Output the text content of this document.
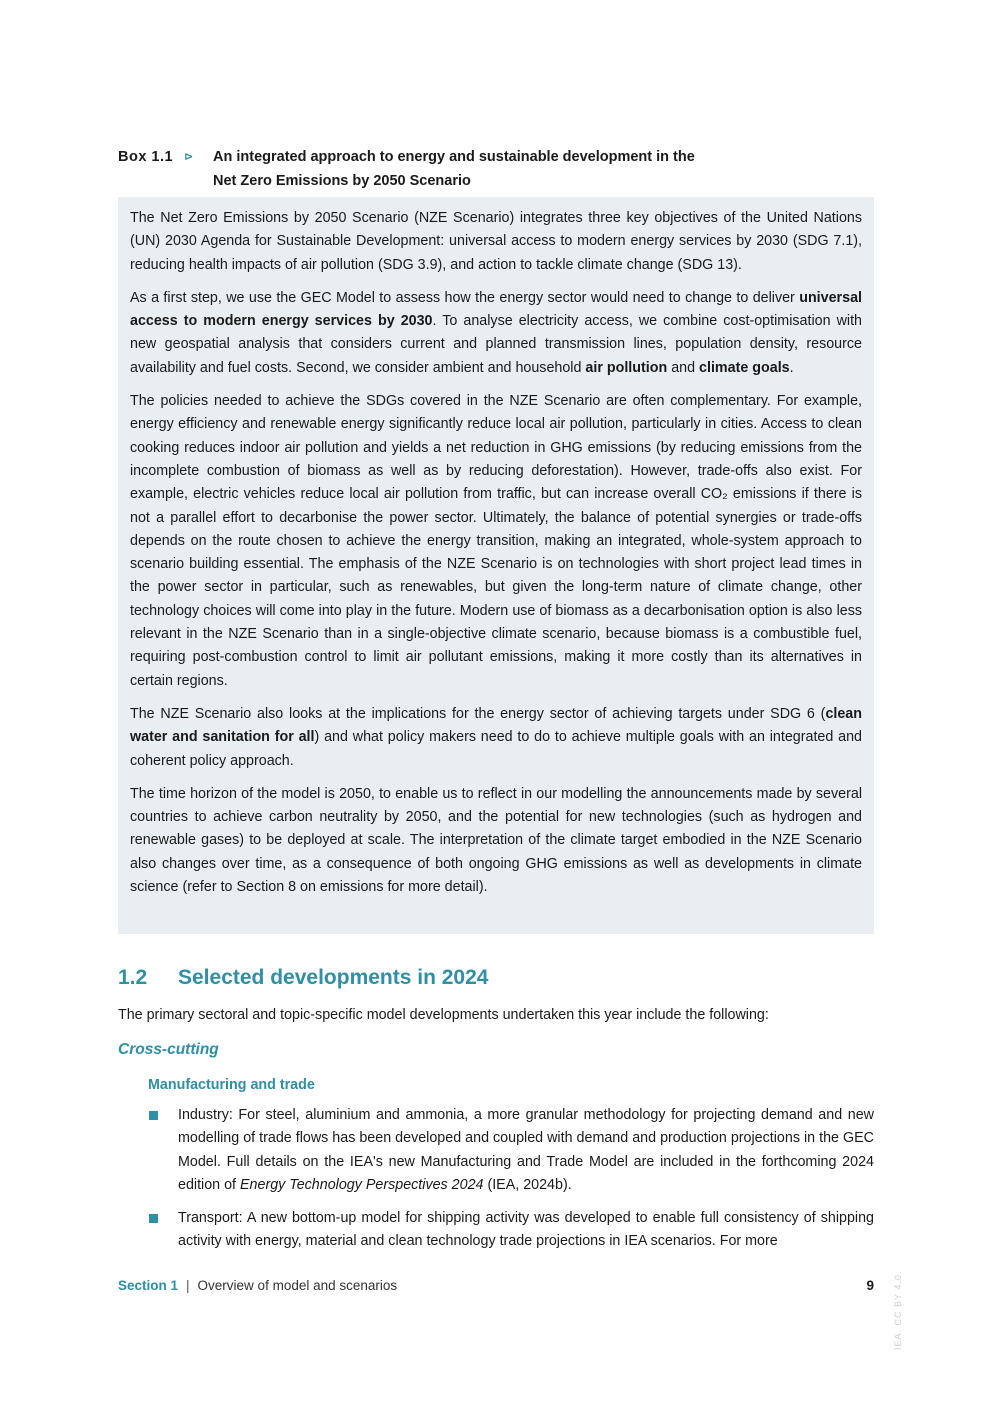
Box 1.1 ⊳ An integrated approach to energy and sustainable development in the
Net Zero Emissions by 2050 Scenario

The Net Zero Emissions by 2050 Scenario (NZE Scenario) integrates three key objectives of the United Nations (UN) 2030 Agenda for Sustainable Development: universal access to modern energy services by 2030 (SDG 7.1), reducing health impacts of air pollution (SDG 3.9), and action to tackle climate change (SDG 13).

As a first step, we use the GEC Model to assess how the energy sector would need to change to deliver universal access to modern energy services by 2030. To analyse electricity access, we combine cost-optimisation with new geospatial analysis that considers current and planned transmission lines, population density, resource availability and fuel costs. Second, we consider ambient and household air pollution and climate goals.

The policies needed to achieve the SDGs covered in the NZE Scenario are often complementary. For example, energy efficiency and renewable energy significantly reduce local air pollution, particularly in cities. Access to clean cooking reduces indoor air pollution and yields a net reduction in GHG emissions (by reducing emissions from the incomplete combustion of biomass as well as by reducing deforestation). However, trade-offs also exist. For example, electric vehicles reduce local air pollution from traffic, but can increase overall CO₂ emissions if there is not a parallel effort to decarbonise the power sector. Ultimately, the balance of potential synergies or trade-offs depends on the route chosen to achieve the energy transition, making an integrated, whole-system approach to scenario building essential. The emphasis of the NZE Scenario is on technologies with short project lead times in the power sector in particular, such as renewables, but given the long-term nature of climate change, other technology choices will come into play in the future. Modern use of biomass as a decarbonisation option is also less relevant in the NZE Scenario than in a single-objective climate scenario, because biomass is a combustible fuel, requiring post-combustion control to limit air pollutant emissions, making it more costly than its alternatives in certain regions.

The NZE Scenario also looks at the implications for the energy sector of achieving targets under SDG 6 (clean water and sanitation for all) and what policy makers need to do to achieve multiple goals with an integrated and coherent policy approach.

The time horizon of the model is 2050, to enable us to reflect in our modelling the announcements made by several countries to achieve carbon neutrality by 2050, and the potential for new technologies (such as hydrogen and renewable gases) to be deployed at scale. The interpretation of the climate target embodied in the NZE Scenario also changes over time, as a consequence of both ongoing GHG emissions as well as developments in climate science (refer to Section 8 on emissions for more detail).

1.2 Selected developments in 2024
The primary sectoral and topic-specific model developments undertaken this year include the following:
Cross-cutting
Manufacturing and trade
Industry: For steel, aluminium and ammonia, a more granular methodology for projecting demand and new modelling of trade flows has been developed and coupled with demand and production projections in the GEC Model. Full details on the IEA's new Manufacturing and Trade Model are included in the forthcoming 2024 edition of Energy Technology Perspectives 2024 (IEA, 2024b).
Transport: A new bottom-up model for shipping activity was developed to enable full consistency of shipping activity with energy, material and clean technology trade projections in IEA scenarios. For more
Section 1 | Overview of model and scenarios	9 IEA. CC BY 4.0.
